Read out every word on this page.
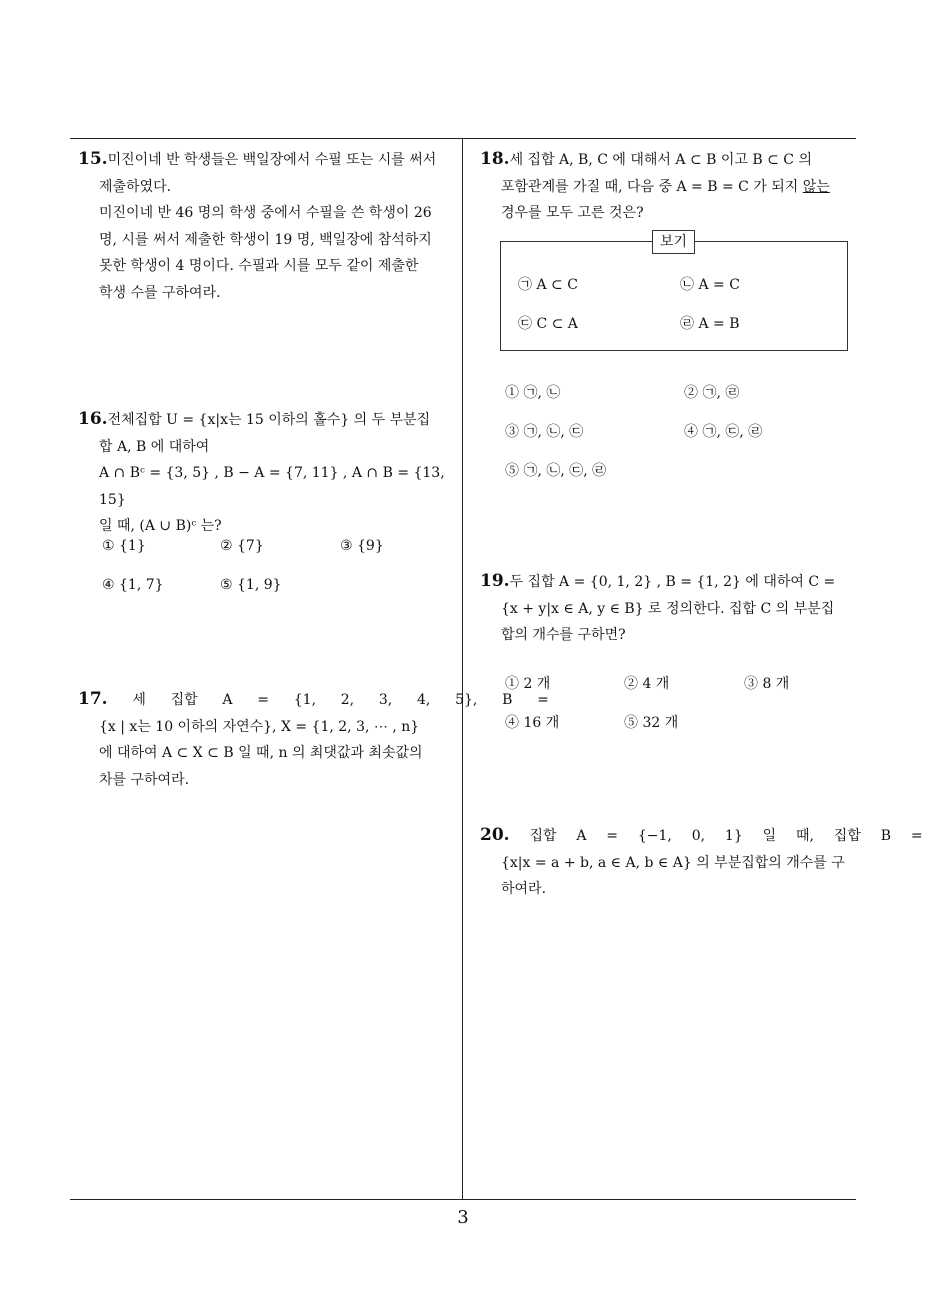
15.미진이네 반 학생들은 백일장에서 수필 또는 시를 써서

제출하였다.

미진이네 반 46 명의 학생 중에서 수필을 쓴 학생이 26

명, 시를 써서 제출한 학생이 19 명, 백일장에 참석하지

못한 학생이 4 명이다. 수필과 시를 모두 같이 제출한

학생 수를 구하여라.

16.전체집합 U = {x|x는 15 이하의 홀수} 의 두 부분집

합 A, B 에 대하여

A ∩ Bᶜ = {3, 5} , B − A = {7, 11} , A ∩ B = {13, 15}

일 때, (A ∪ B)ᶜ 는?

① {1}	② {7}	③ {9}
④ {1, 7}	⑤ {1, 9}

17. 세 집합 A = {1, 2, 3, 4, 5}, B =

{x | x는 10 이하의 자연수}, X = {1, 2, 3, ⋯ , n}

에 대하여 A ⊂ X ⊂ B 일 때, n 의 최댓값과 최솟값의

차를 구하여라.

18.세 집합 A, B, C 에 대해서 A ⊂ B 이고 B ⊂ C 의

포함관계를 가질 때, 다음 중 A = B = C 가 되지 않는

경우를 모두 고른 것은?

보기
㉠ A ⊂ C	㉡ A = C
㉢ C ⊂ A	㉣ A = B
① ㉠, ㉡	② ㉠, ㉣
③ ㉠, ㉡, ㉢	④ ㉠, ㉢, ㉣
⑤ ㉠, ㉡, ㉢, ㉣

19.두 집합 A = {0, 1, 2} , B = {1, 2} 에 대하여 C =

{x + y|x ∈ A, y ∈ B} 로 정의한다. 집합 C 의 부분집

합의 개수를 구하면?

① 2 개	② 4 개	③ 8 개
④ 16 개	⑤ 32 개

20. 집합 A = {−1, 0, 1} 일 때, 집합 B =

{x|x = a + b, a ∈ A, b ∈ A} 의 부분집합의 개수를 구

하여라.

3
